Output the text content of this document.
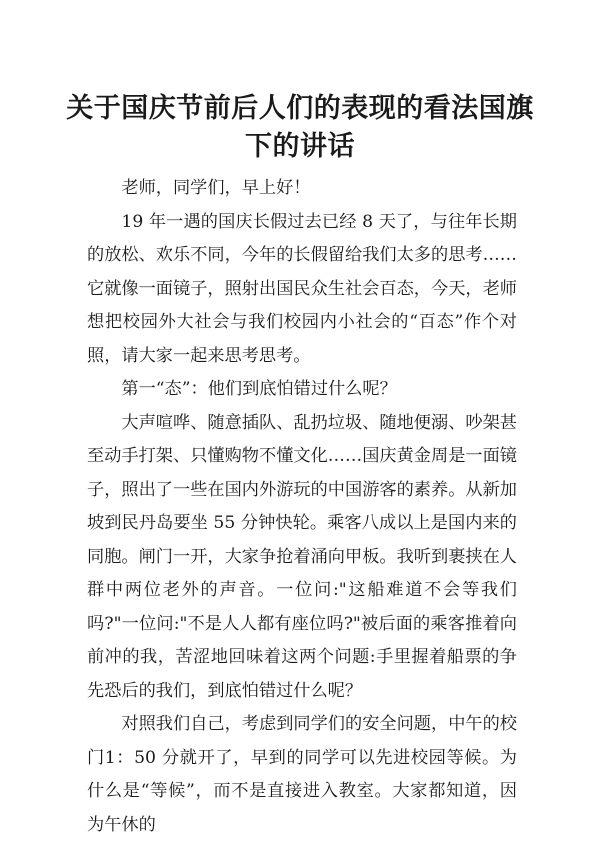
关于国庆节前后人们的表现的看法国旗下的讲话

老师，同学们，早上好！

19 年一遇的国庆长假过去已经 8 天了，与往年长期的放松、欢乐不同，今年的长假留给我们太多的思考……它就像一面镜子，照射出国民众生社会百态，今天，老师想把校园外大社会与我们校园内小社会的“百态”作个对照，请大家一起来思考思考。

第一“态”：他们到底怕错过什么呢？

大声喧哗、随意插队、乱扔垃圾、随地便溺、吵架甚至动手打架、只懂购物不懂文化……国庆黄金周是一面镜子，照出了一些在国内外游玩的中国游客的素养。从新加坡到民丹岛要坐 55 分钟快轮。乘客八成以上是国内来的同胞。闸门一开，大家争抢着涌向甲板。我听到裹挟在人群中两位老外的声音。一位问:"这船难道不会等我们吗?"一位问:"不是人人都有座位吗?"被后面的乘客推着向前冲的我，苦涩地回味着这两个问题:手里握着船票的争先恐后的我们，到底怕错过什么呢？

对照我们自己，考虑到同学们的安全问题，中午的校门1：50 分就开了，早到的同学可以先进校园等候。为什么是“等候”，而不是直接进入教室。大家都知道，因为午休的
